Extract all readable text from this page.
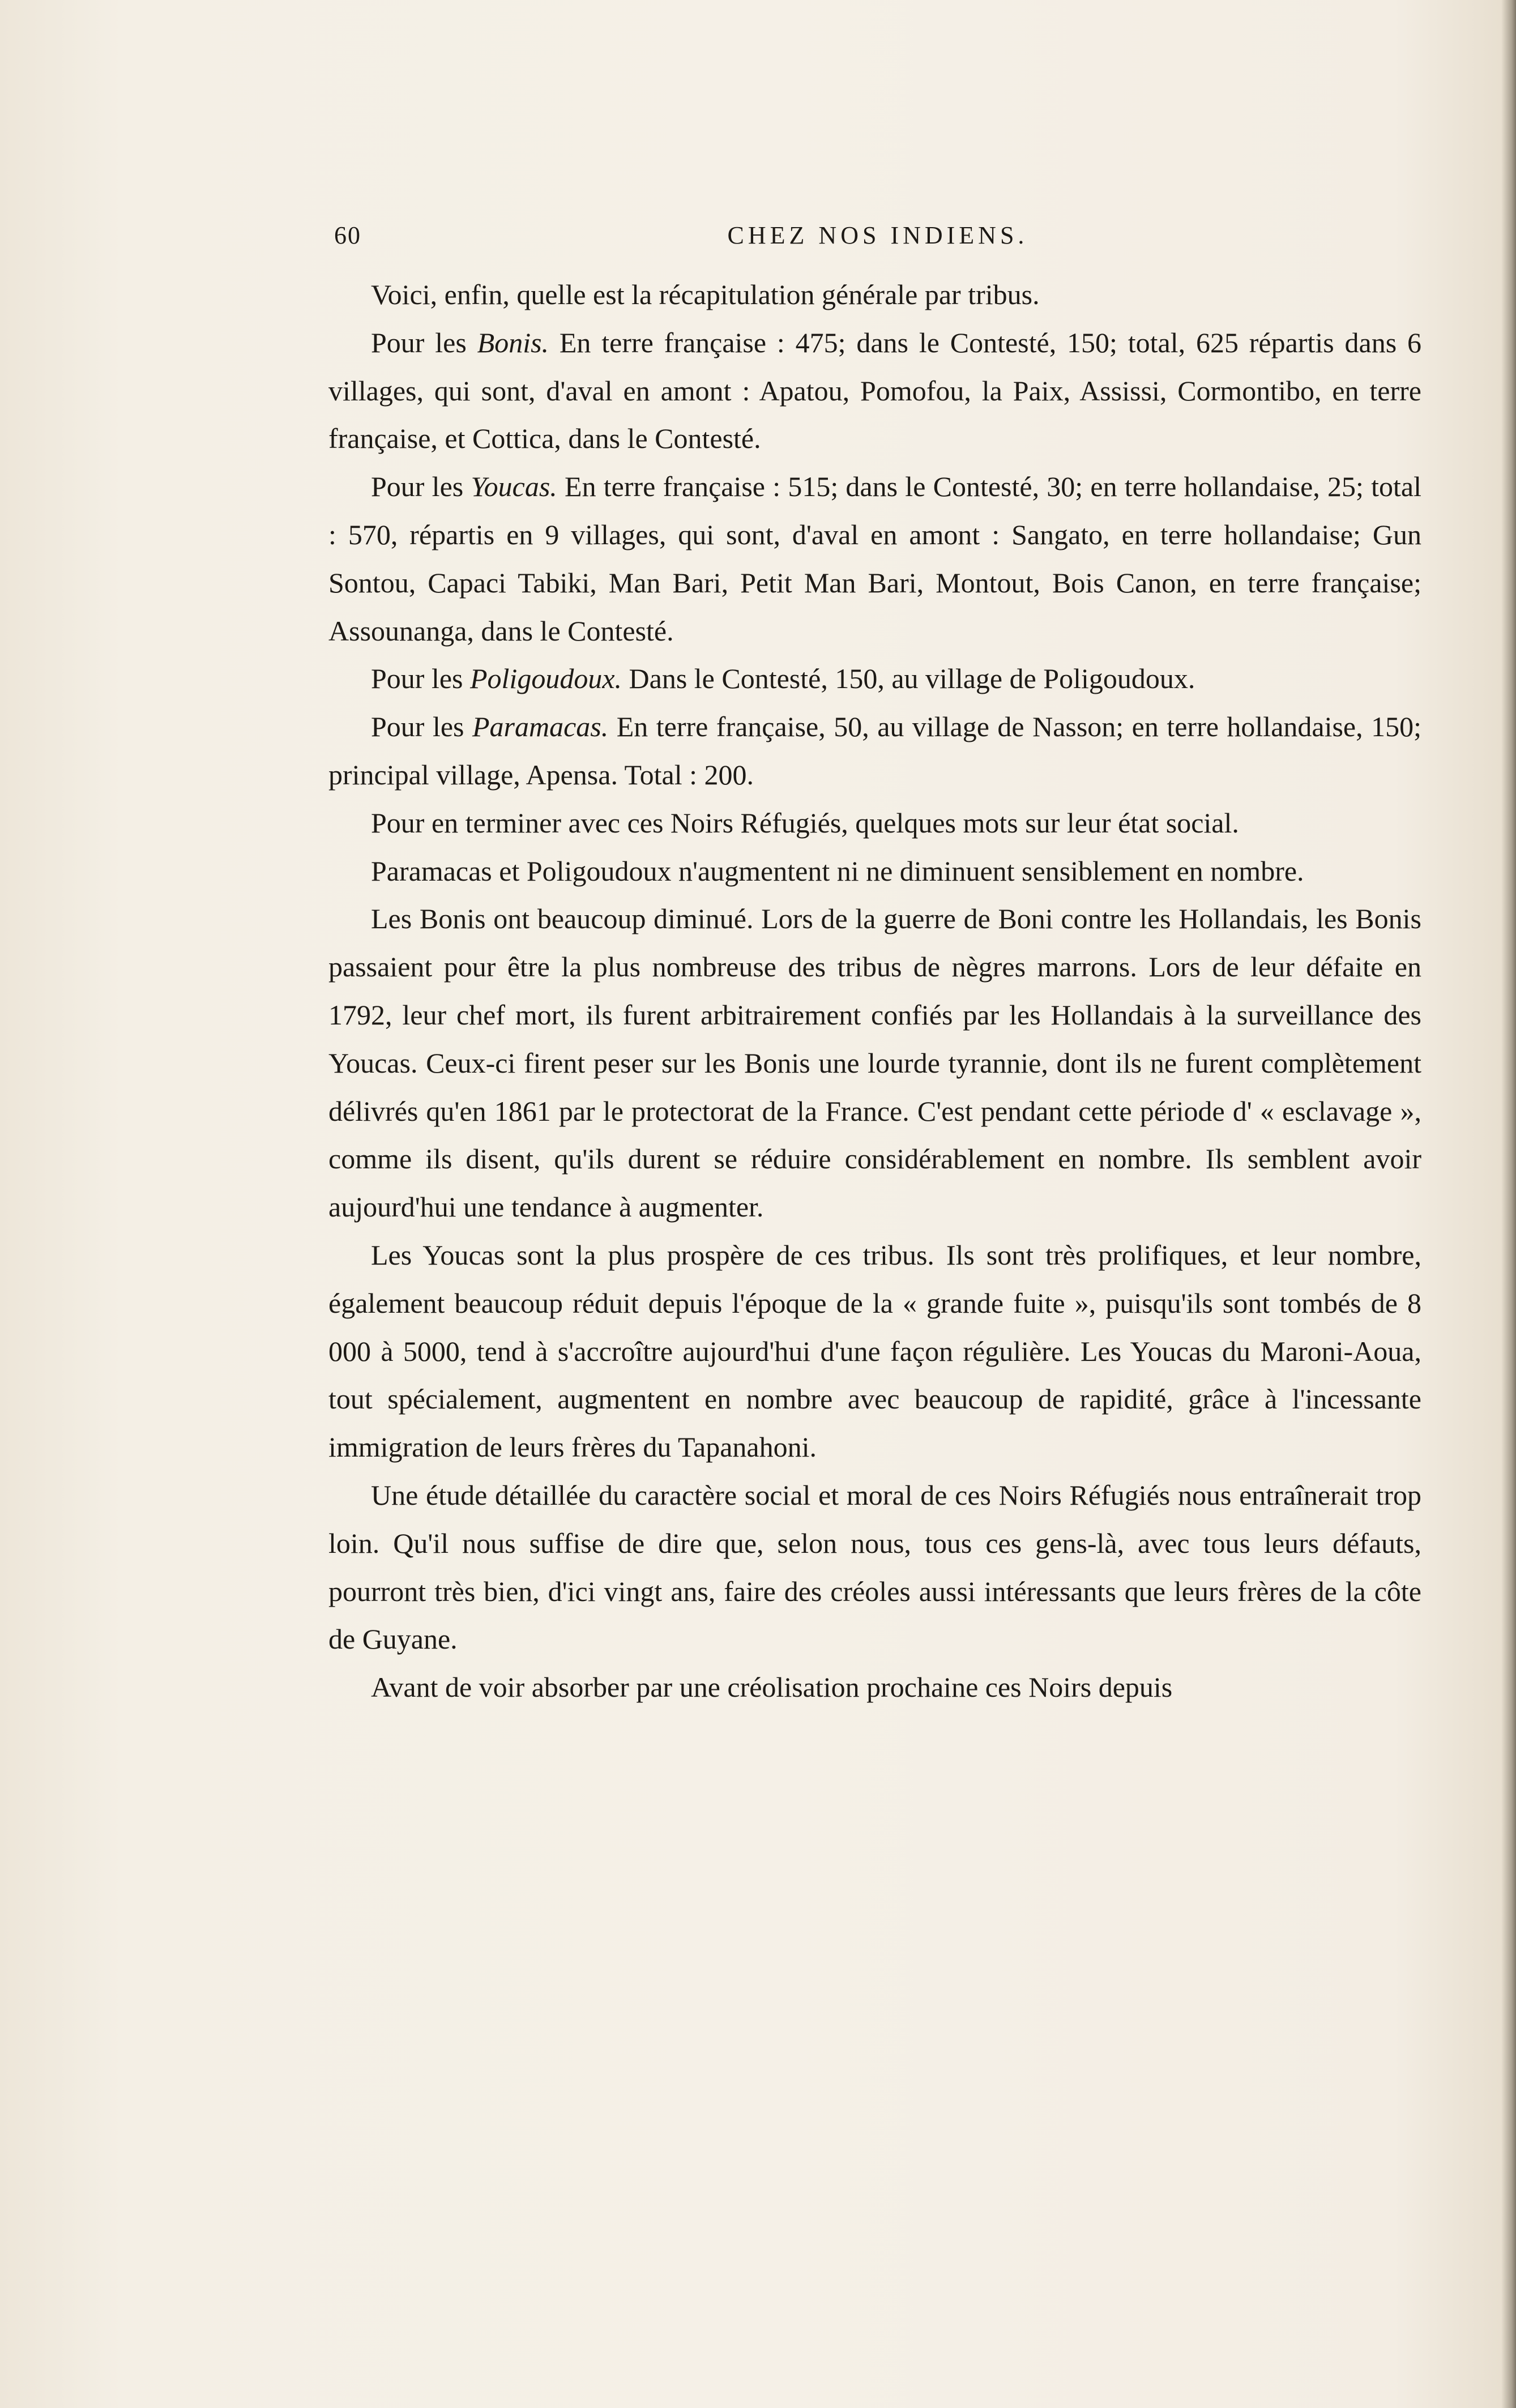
60	CHEZ NOS INDIENS.

Voici, enfin, quelle est la récapitulation générale par tribus.

Pour les Bonis. En terre française : 475; dans le Contesté, 150; total, 625 répartis dans 6 villages, qui sont, d'aval en amont : Apatou, Pomofou, la Paix, Assissi, Cormontibo, en terre française, et Cottica, dans le Contesté.

Pour les Youcas. En terre française : 515; dans le Contesté, 30; en terre hollandaise, 25; total : 570, répartis en 9 villages, qui sont, d'aval en amont : Sangato, en terre hollandaise; Gun Sontou, Capaci Tabiki, Man Bari, Petit Man Bari, Montout, Bois Canon, en terre française; Assounanga, dans le Contesté.

Pour les Poligoudoux. Dans le Contesté, 150, au village de Poligoudoux.

Pour les Paramacas. En terre française, 50, au village de Nasson; en terre hollandaise, 150; principal village, Apensa. Total : 200.

Pour en terminer avec ces Noirs Réfugiés, quelques mots sur leur état social.

Paramacas et Poligoudoux n'augmentent ni ne diminuent sensiblement en nombre.

Les Bonis ont beaucoup diminué. Lors de la guerre de Boni contre les Hollandais, les Bonis passaient pour être la plus nombreuse des tribus de nègres marrons. Lors de leur défaite en 1792, leur chef mort, ils furent arbitrairement confiés par les Hollandais à la surveillance des Youcas. Ceux-ci firent peser sur les Bonis une lourde tyrannie, dont ils ne furent complètement délivrés qu'en 1861 par le protectorat de la France. C'est pendant cette période d' « esclavage », comme ils disent, qu'ils durent se réduire considérablement en nombre. Ils semblent avoir aujourd'hui une tendance à augmenter.

Les Youcas sont la plus prospère de ces tribus. Ils sont très prolifiques, et leur nombre, également beaucoup réduit depuis l'époque de la « grande fuite », puisqu'ils sont tombés de 8 000 à 5000, tend à s'accroître aujourd'hui d'une façon régulière. Les Youcas du Maroni-Aoua, tout spécialement, augmentent en nombre avec beaucoup de rapidité, grâce à l'incessante immigration de leurs frères du Tapanahoni.

Une étude détaillée du caractère social et moral de ces Noirs Réfugiés nous entraînerait trop loin. Qu'il nous suffise de dire que, selon nous, tous ces gens-là, avec tous leurs défauts, pourront très bien, d'ici vingt ans, faire des créoles aussi intéressants que leurs frères de la côte de Guyane.

Avant de voir absorber par une créolisation prochaine ces Noirs depuis
